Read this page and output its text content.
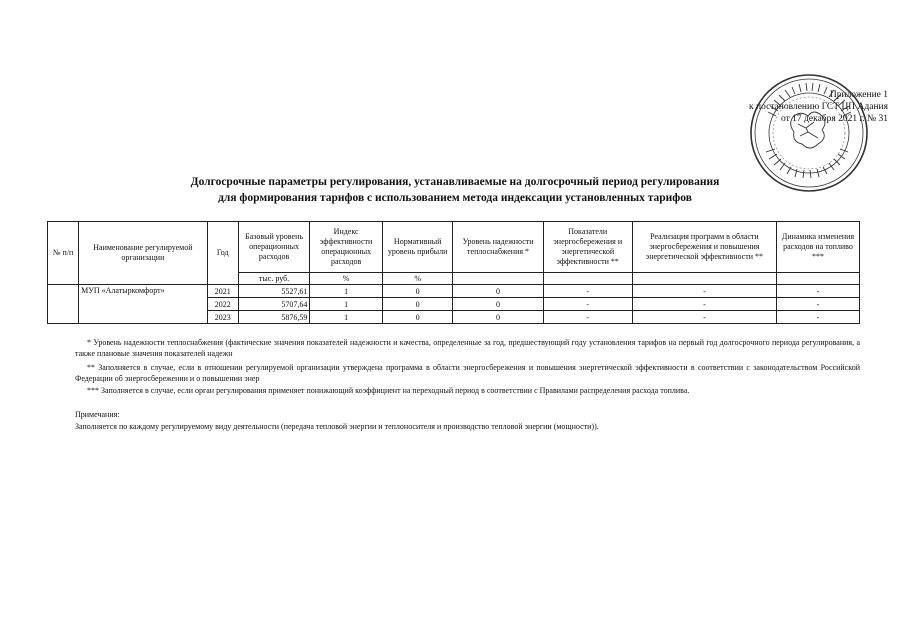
Приложение 1
к постановлению ГСТ ЦП Адания
от 17 декабря 2021 г. № 31
Долгосрочные параметры регулирования, устанавливаемые на долгосрочный период регулирования
для формирования тарифов с использованием метода индексации установленных тарифов
№ п/п	Наименование регулируемой организации	Год	Базовый уровень операционных расходов	Индекс эффективности операционных расходов	Нормативный уровень прибыли	Уровень надежности теплоснабжения *	Показатели энергосбережения и энергетической эффективности **	Реализация программ в области энергосбережения и повышения энергетической эффективности **	Динамика изменения расходов на топливо ***
			тыс. руб.	%	%				
	МУП «Алатыркомфорт»	2021	5527,61	1	0	0	-	-	-
		2022	5707,64	1	0	0	-	-	-
		2023	5876,59	1	0	0	-	-	-
* Уровень надежности теплоснабжения (фактические значения показателей надежности и качества, определенные за год, предшествующий году установления тарифов на первый год долгосрочного периода регулирования, а также плановые значения показателей надежн
** Заполняется в случае, если в отношении регулируемой организации утверждена программа в области энергосбережения и повышения энергетической эффективности в соответствии с законодательством Российской Федерации об энергосбережении и о повышении энер
*** Заполняется в случае, если орган регулирования применяет понижающий коэффициент на переходный период в соответствии с Правилами распределения расхода топлива.
Примечания:
Заполняется по каждому регулируемому виду деятельности (передача тепловой энергии и теплоносителя и производство тепловой энергии (мощности)).
